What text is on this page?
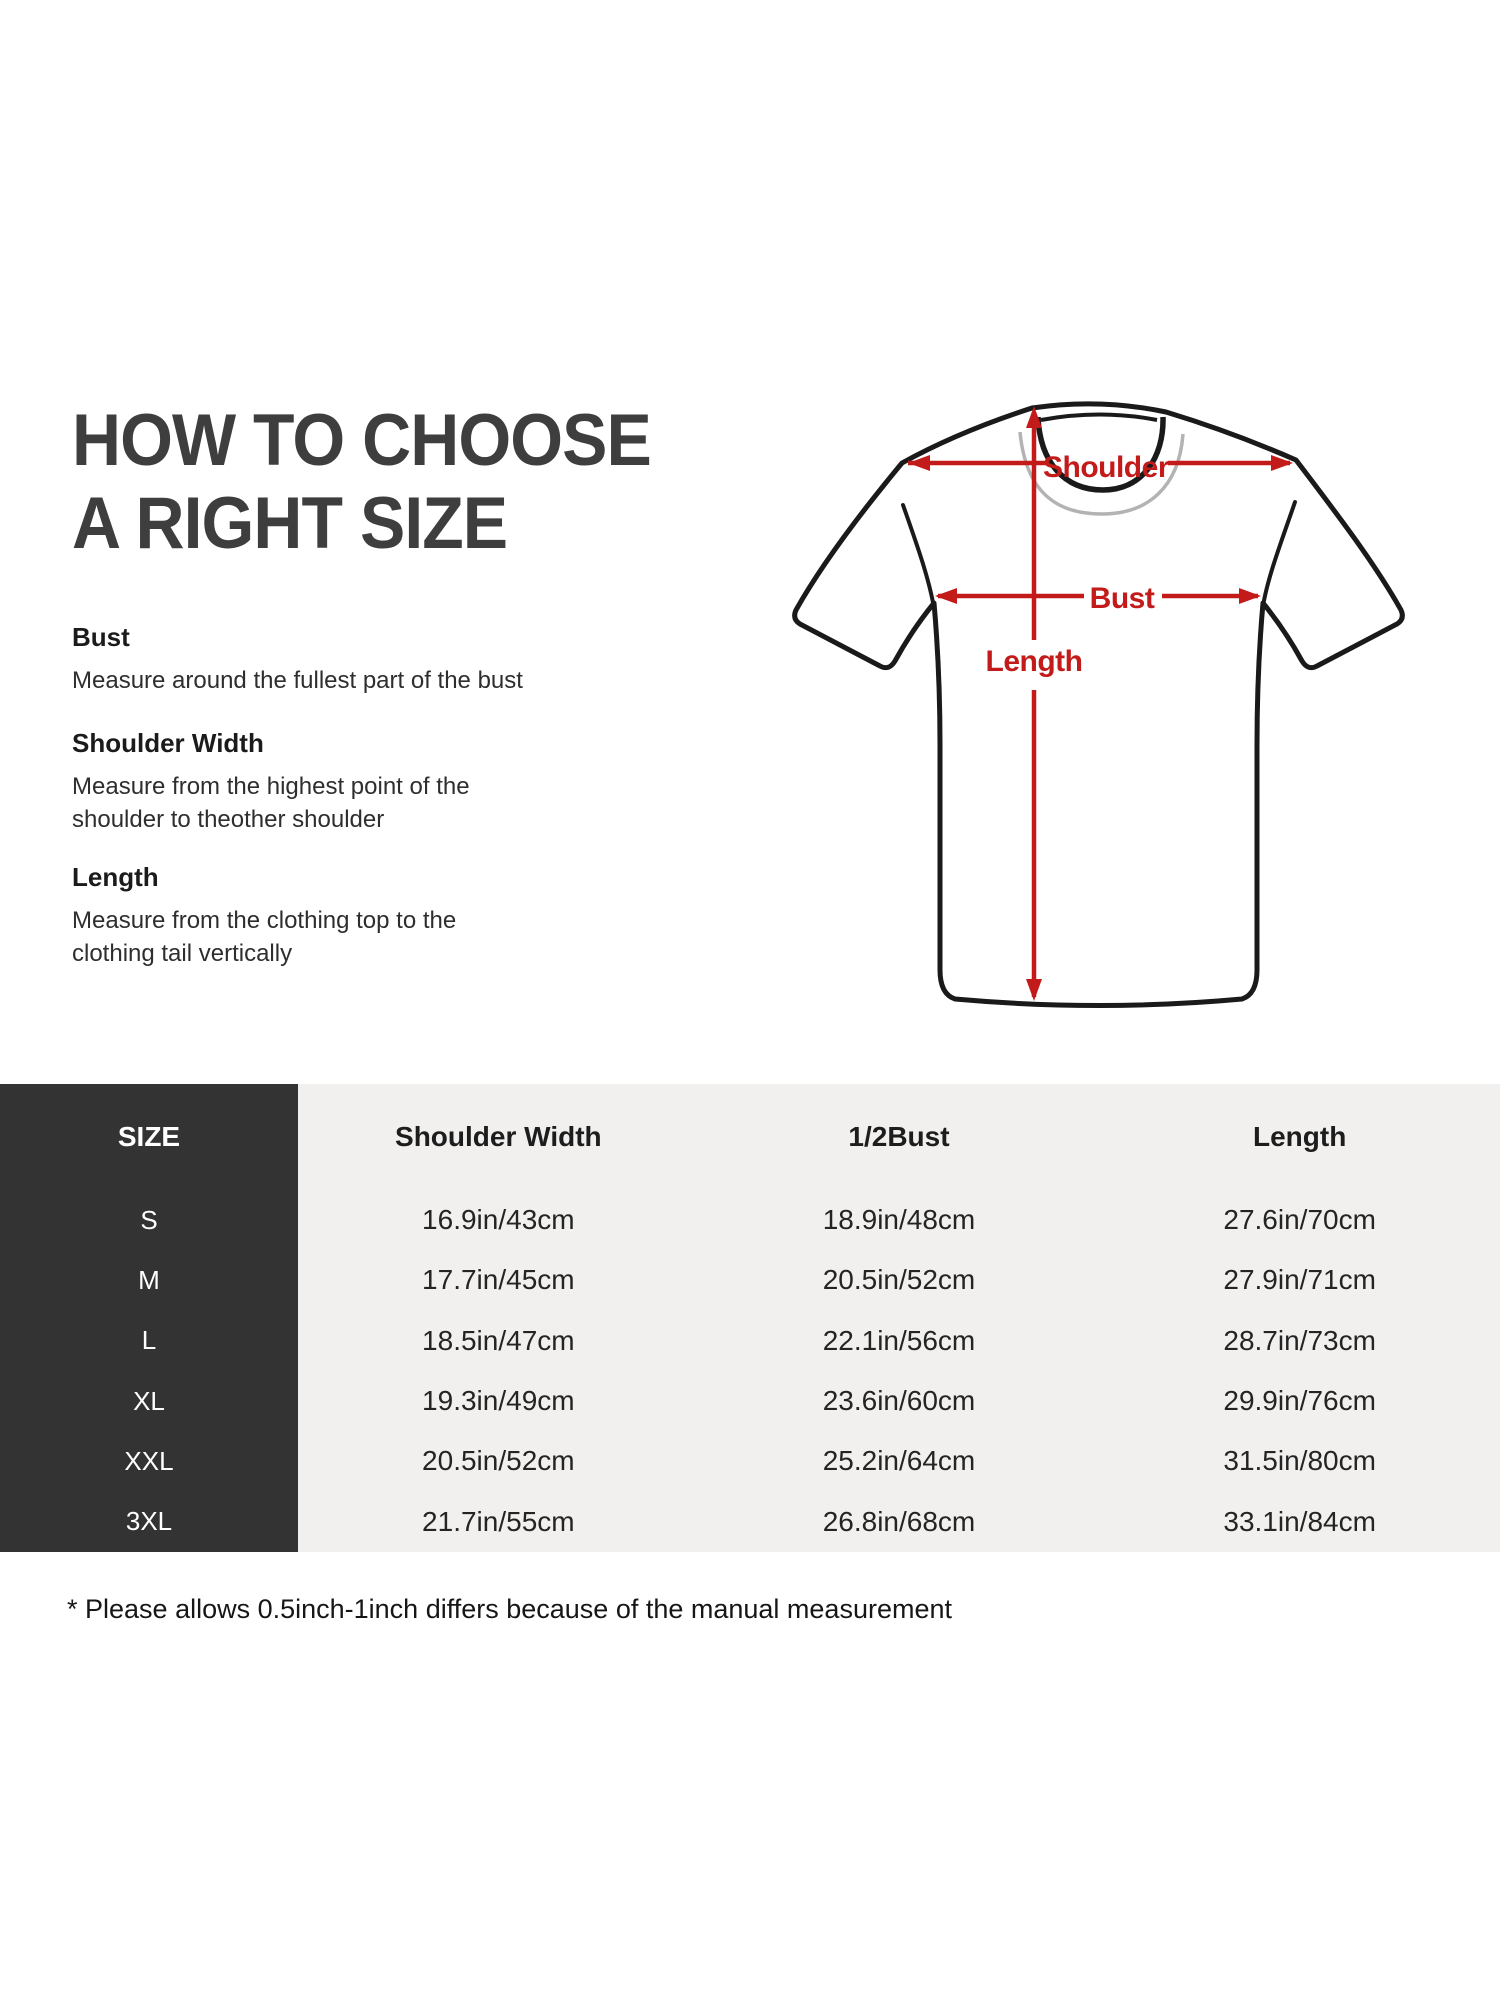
HOW TO CHOOSE
A RIGHT SIZE
Bust

Measure around the fullest part of the bust

Shoulder Width

Measure from the highest point of the

shoulder to theother shoulder

Length

Measure from the clothing top to the

clothing tail vertically

Shoulder
Bust
Length
SIZE	Shoulder Width	1/2Bust	Length
S	16.9in/43cm	18.9in/48cm	27.6in/70cm
M	17.7in/45cm	20.5in/52cm	27.9in/71cm
L	18.5in/47cm	22.1in/56cm	28.7in/73cm
XL	19.3in/49cm	23.6in/60cm	29.9in/76cm
XXL	20.5in/52cm	25.2in/64cm	31.5in/80cm
3XL	21.7in/55cm	26.8in/68cm	33.1in/84cm

* Please allows 0.5inch-1inch differs because of the manual measurement
